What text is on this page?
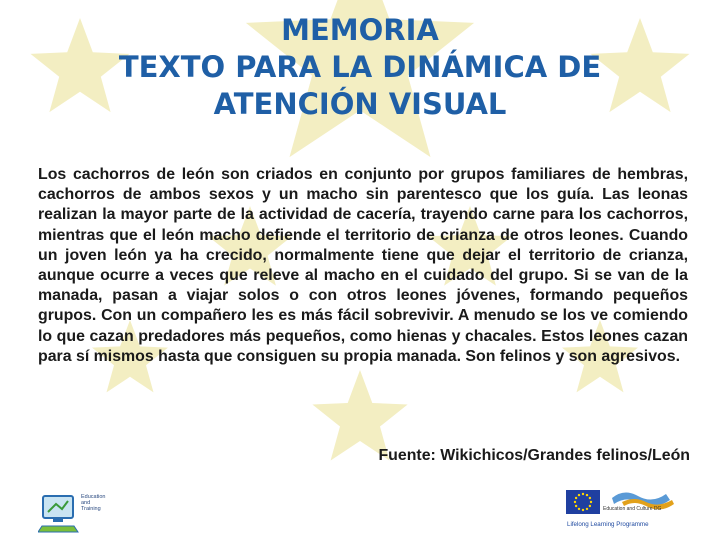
MEMORIA
TEXTO PARA LA DINÁMICA DE
ATENCIÓN VISUAL

Los cachorros de león son criados en conjunto por grupos familiares de hembras, cachorros de ambos sexos y un macho sin parentesco que los guía. Las leonas realizan la mayor parte de la actividad de cacería, trayendo carne para los cachorros, mientras que el león macho defiende el territorio de crianza de otros leones. Cuando un joven león ya ha crecido, normalmente tiene que dejar el territorio de crianza, aunque ocurre a veces que releve al macho en el cuidado del grupo. Si se van de la manada, pasan a viajar solos o con otros leones jóvenes, formando pequeños grupos. Con un compañero les es más fácil sobrevivir. A menudo se los ve comiendo lo que cazan predadores más pequeños, como hienas y chacales. Estos leones cazan para sí mismos hasta que consiguen su propia manada. Son felinos y son agresivos.

Fuente: Wikichicos/Grandes felinos/León
Education
and
Training	Education and Culture DG
Lifelong Learning Programme
